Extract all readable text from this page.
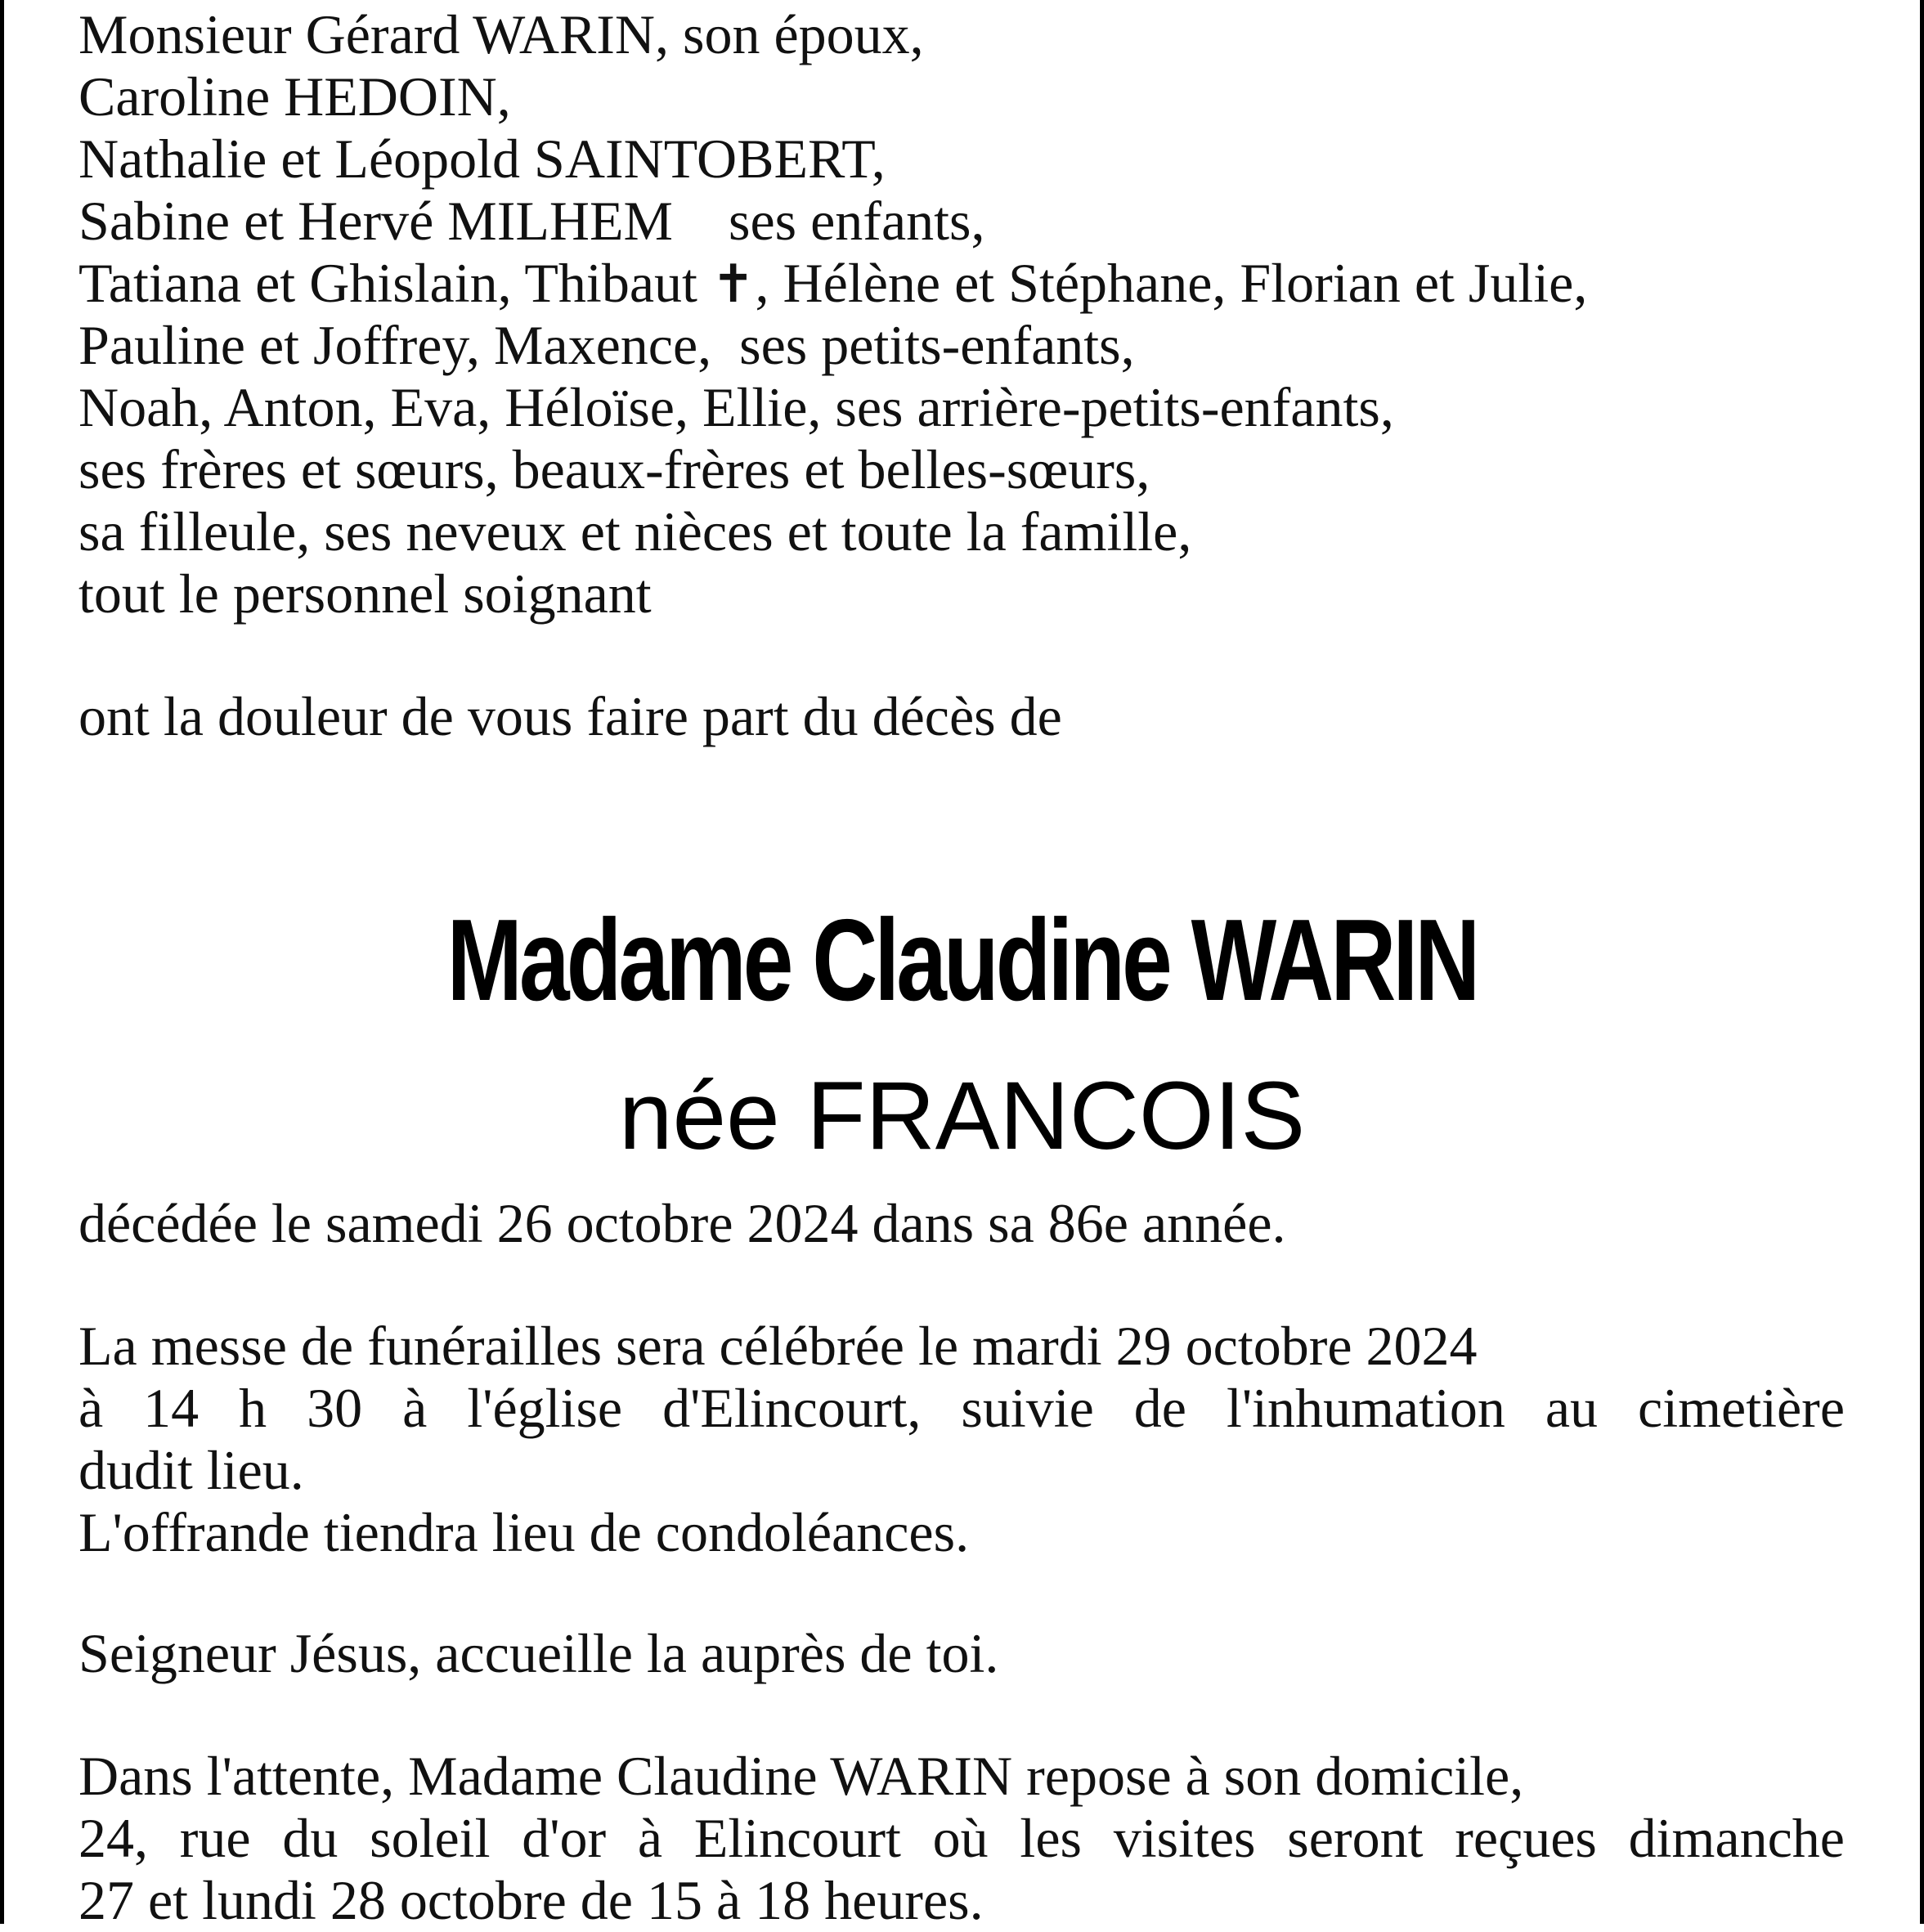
Monsieur Gérard WARIN, son époux,

Caroline HEDOIN,

Nathalie et Léopold SAINTOBERT,

Sabine et Hervé MILHEM    ses enfants,

Tatiana et Ghislain, Thibaut ✝, Hélène et Stéphane, Florian et Julie,

Pauline et Joffrey, Maxence,  ses petits-enfants,

Noah, Anton, Eva, Héloïse, Ellie, ses arrière-petits-enfants,

ses frères et sœurs, beaux-frères et belles-sœurs,

sa filleule, ses neveux et nièces et toute la famille,

tout le personnel soignant

ont la douleur de vous faire part du décès de

Madame Claudine WARIN
née FRANCOIS

décédée le samedi 26 octobre 2024 dans sa 86e année.

La messe de funérailles sera célébrée le mardi 29 octobre 2024

à 14 h 30 à l'église d'Elincourt, suivie de l'inhumation au cimetière

dudit lieu.

L'offrande tiendra lieu de condoléances.

Seigneur Jésus, accueille la auprès de toi.

Dans l'attente, Madame Claudine WARIN repose à son domicile,

24, rue du soleil d'or à Elincourt où les visites seront reçues dimanche

27 et lundi 28 octobre de 15 à 18 heures.
